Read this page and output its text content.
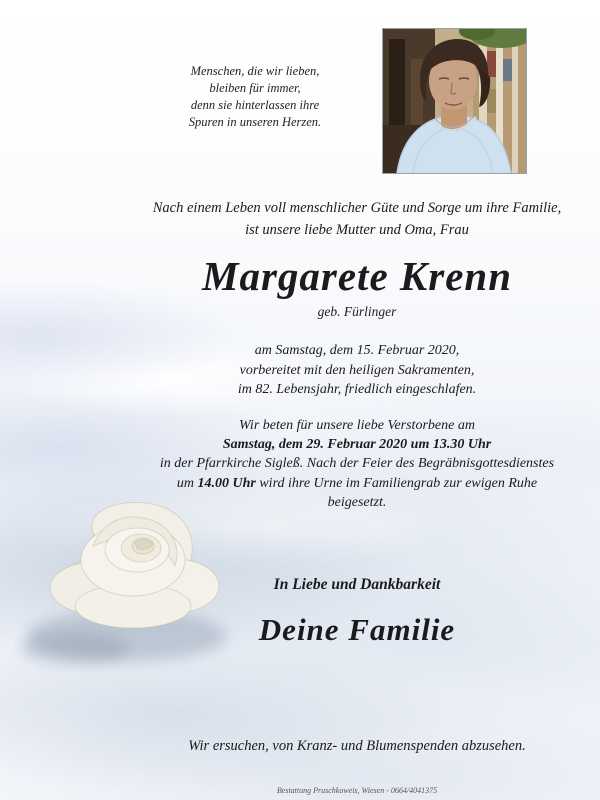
Menschen, die wir lieben,
bleiben für immer,
denn sie hinterlassen ihre
Spuren in unseren Herzen.
Nach einem Leben voll menschlicher Güte und Sorge um ihre Familie,
ist unsere liebe Mutter und Oma, Frau
Margarete Krenn
geb. Fürlinger
am Samstag, dem 15. Februar 2020,
vorbereitet mit den heiligen Sakramenten,
im 82. Lebensjahr, friedlich eingeschlafen.
Wir beten für unsere liebe Verstorbene am
Samstag, dem 29. Februar 2020 um 13.30 Uhr
in der Pfarrkirche Sigleß. Nach der Feier des Begräbnisgottesdienstes
um 14.00 Uhr wird ihre Urne im Familiengrab zur ewigen Ruhe
beigesetzt.
In Liebe und Dankbarkeit
Deine Familie
Wir ersuchen, von Kranz- und Blumenspenden abzusehen.
Bestattung Pruschkoweis, Wiesen - 0664/4041375
